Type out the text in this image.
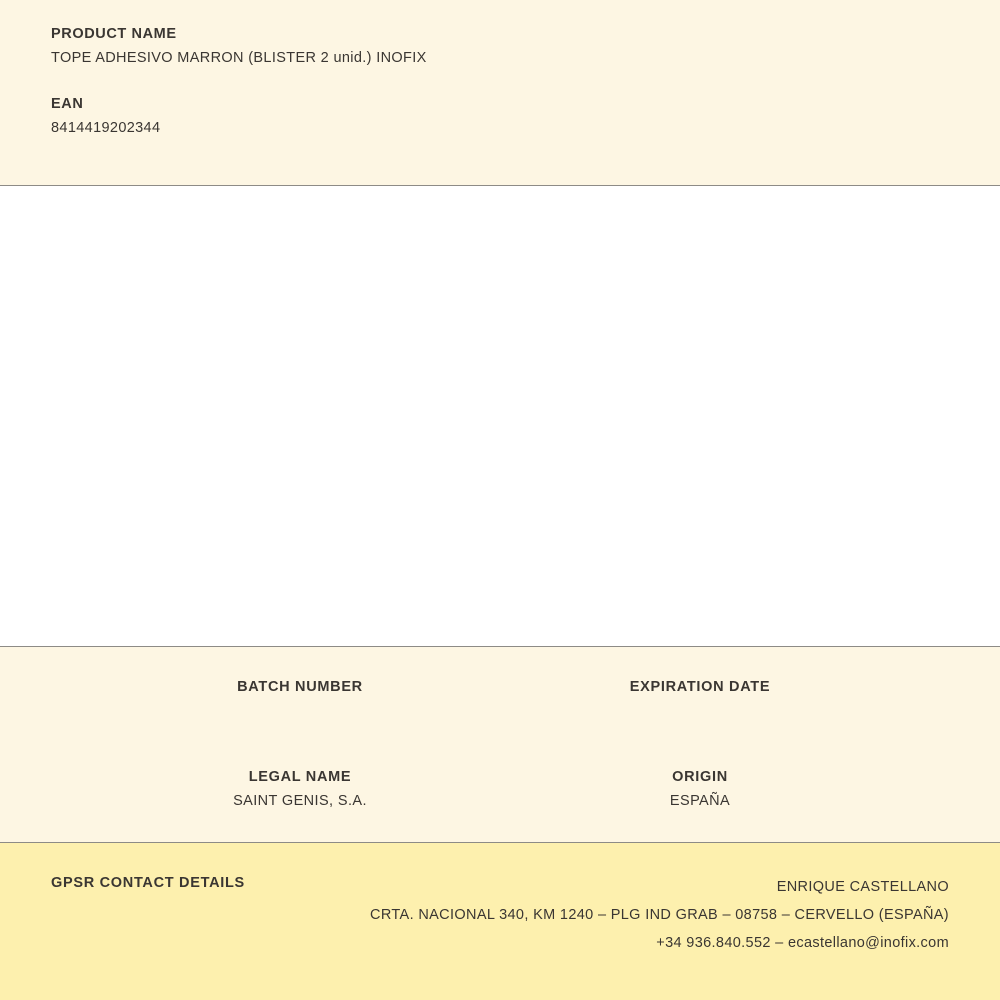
PRODUCT NAME
TOPE ADHESIVO MARRON (BLISTER 2 unid.) INOFIX
EAN
8414419202344
BATCH NUMBER	EXPIRATION DATE
LEGAL NAME
SAINT GENIS, S.A.
ORIGIN
ESPAÑA
GPSR CONTACT DETAILS	ENRIQUE CASTELLANO
CRTA. NACIONAL 340, KM 1240 – PLG IND GRAB – 08758 – CERVELLO (ESPAÑA)
+34 936.840.552 – ecastellano@inofix.com
